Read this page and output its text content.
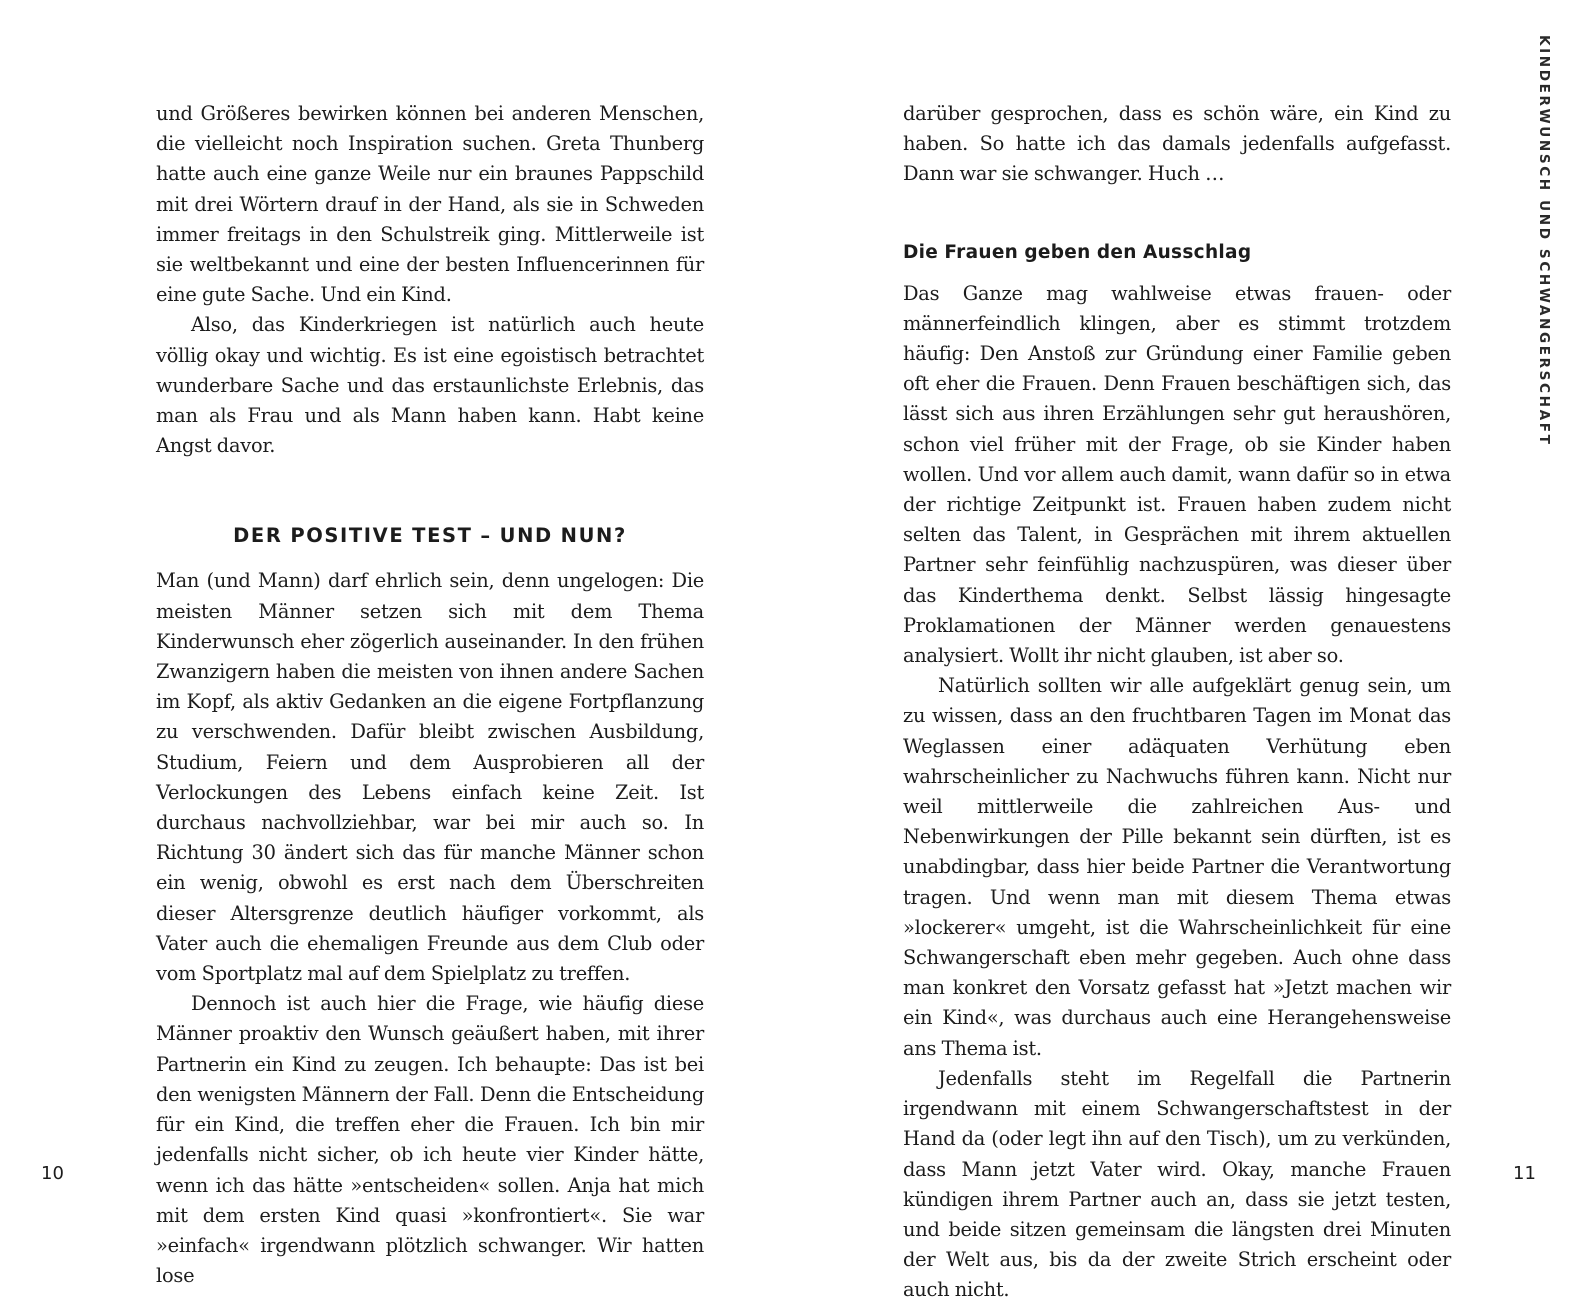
und Größeres bewirken können bei anderen Menschen, die vielleicht noch Inspiration suchen. Greta Thunberg hatte auch eine ganze Weile nur ein braunes Pappschild mit drei Wörtern drauf in der Hand, als sie in Schweden immer freitags in den Schulstreik ging. Mittlerweile ist sie weltbekannt und eine der besten Influencerinnen für eine gute Sache. Und ein Kind.

Also, das Kinderkriegen ist natürlich auch heute völlig okay und wichtig. Es ist eine egoistisch betrachtet wunderbare Sache und das erstaunlichste Erlebnis, das man als Frau und als Mann haben kann. Habt keine Angst davor.

DER POSITIVE TEST – UND NUN?

Man (und Mann) darf ehrlich sein, denn ungelogen: Die meisten Männer setzen sich mit dem Thema Kinderwunsch eher zögerlich auseinander. In den frühen Zwanzigern haben die meisten von ihnen andere Sachen im Kopf, als aktiv Gedanken an die eigene Fortpflanzung zu verschwenden. Dafür bleibt zwischen Ausbildung, Studium, Feiern und dem Ausprobieren all der Verlockungen des Lebens einfach keine Zeit. Ist durchaus nachvollziehbar, war bei mir auch so. In Richtung 30 ändert sich das für manche Männer schon ein wenig, obwohl es erst nach dem Überschreiten dieser Altersgrenze deutlich häufiger vorkommt, als Vater auch die ehemaligen Freunde aus dem Club oder vom Sportplatz mal auf dem Spielplatz zu treffen.

Dennoch ist auch hier die Frage, wie häufig diese Männer proaktiv den Wunsch geäußert haben, mit ihrer Partnerin ein Kind zu zeugen. Ich behaupte: Das ist bei den wenigsten Männern der Fall. Denn die Entscheidung für ein Kind, die treffen eher die Frauen. Ich bin mir jedenfalls nicht sicher, ob ich heute vier Kinder hätte, wenn ich das hätte »entscheiden« sollen. Anja hat mich mit dem ersten Kind quasi »konfrontiert«. Sie war »einfach« irgendwann plötzlich schwanger. Wir hatten lose

10

darüber gesprochen, dass es schön wäre, ein Kind zu haben. So hatte ich das damals jedenfalls aufgefasst. Dann war sie schwanger. Huch …

Die Frauen geben den Ausschlag

Das Ganze mag wahlweise etwas frauen- oder männerfeindlich klingen, aber es stimmt trotzdem häufig: Den Anstoß zur Gründung einer Familie geben oft eher die Frauen. Denn Frauen beschäftigen sich, das lässt sich aus ihren Erzählungen sehr gut heraushören, schon viel früher mit der Frage, ob sie Kinder haben wollen. Und vor allem auch damit, wann dafür so in etwa der richtige Zeitpunkt ist. Frauen haben zudem nicht selten das Talent, in Gesprächen mit ihrem aktuellen Partner sehr feinfühlig nachzuspüren, was dieser über das Kinderthema denkt. Selbst lässig hingesagte Proklamationen der Männer werden genauestens analysiert. Wollt ihr nicht glauben, ist aber so.

Natürlich sollten wir alle aufgeklärt genug sein, um zu wissen, dass an den fruchtbaren Tagen im Monat das Weglassen einer adäquaten Verhütung eben wahrscheinlicher zu Nachwuchs führen kann. Nicht nur weil mittlerweile die zahlreichen Aus- und Nebenwirkungen der Pille bekannt sein dürften, ist es unabdingbar, dass hier beide Partner die Verantwortung tragen. Und wenn man mit diesem Thema etwas »lockerer« umgeht, ist die Wahrscheinlichkeit für eine Schwangerschaft eben mehr gegeben. Auch ohne dass man konkret den Vorsatz gefasst hat »Jetzt machen wir ein Kind«, was durchaus auch eine Herangehensweise ans Thema ist.

Jedenfalls steht im Regelfall die Partnerin irgendwann mit einem Schwangerschaftstest in der Hand da (oder legt ihn auf den Tisch), um zu verkünden, dass Mann jetzt Vater wird. Okay, manche Frauen kündigen ihrem Partner auch an, dass sie jetzt testen, und beide sitzen gemeinsam die längsten drei Minuten der Welt aus, bis da der zweite Strich erscheint oder auch nicht.

KINDERWUNSCH UND SCHWANGERSCHAFT
11
